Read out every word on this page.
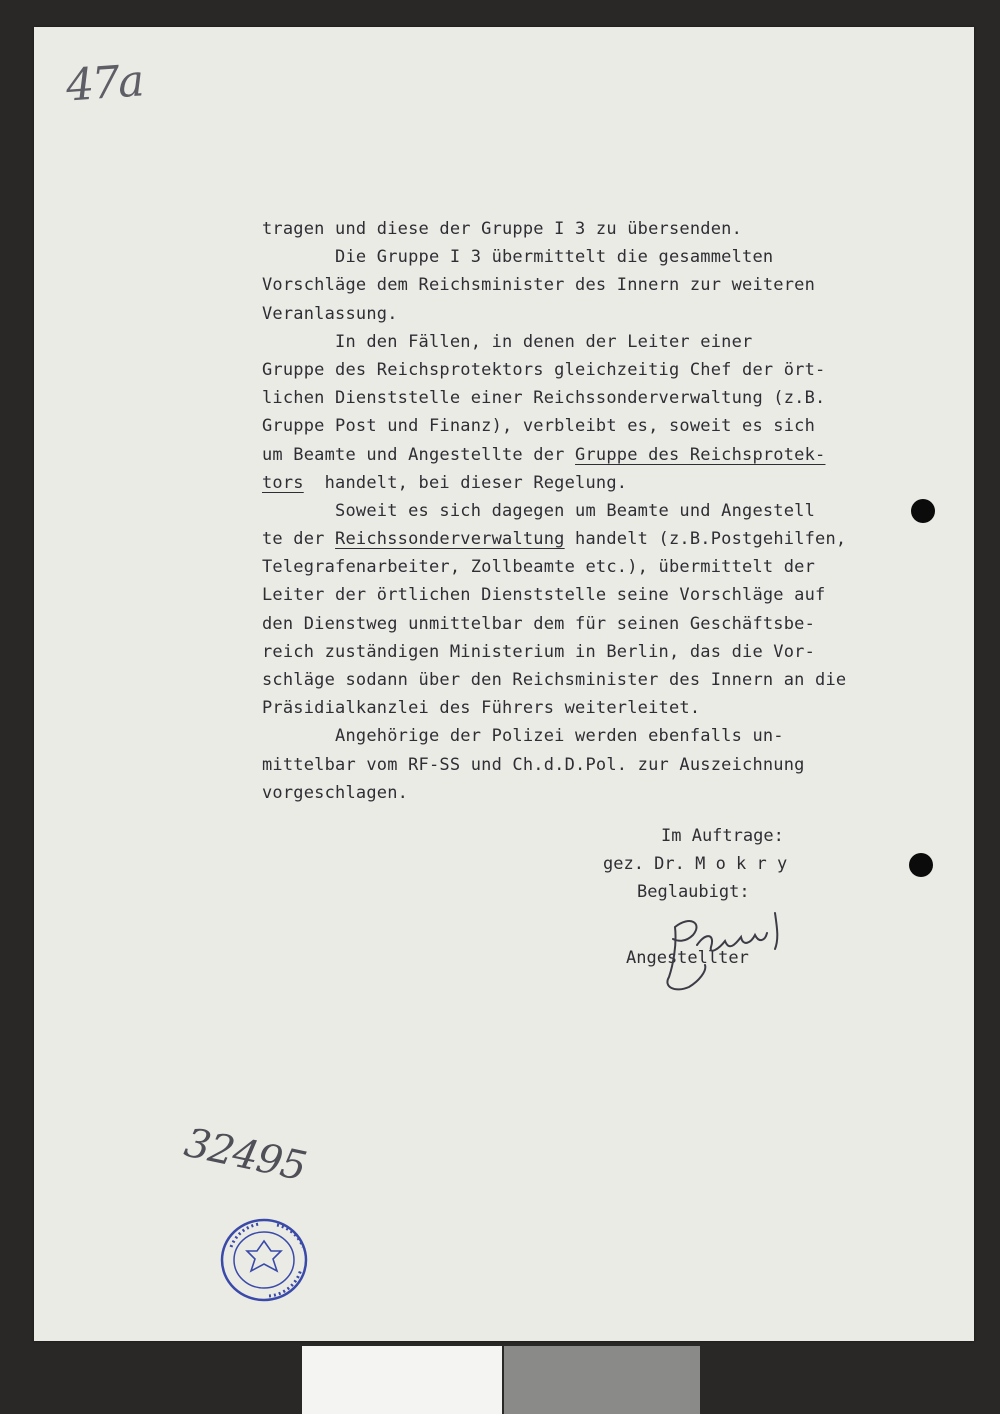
47a
tragen und diese der Gruppe I 3 zu übersenden.
Die Gruppe I 3 übermittelt die gesammelten
Vorschläge dem Reichsminister des Innern zur weiteren
Veranlassung.
In den Fällen, in denen der Leiter einer
Gruppe des Reichsprotektors gleichzeitig Chef der ört-
lichen Dienststelle einer Reichssonderverwaltung (z.B.
Gruppe Post und Finanz), verbleibt es, soweit es sich
um Beamte und Angestellte der Gruppe des Reichsprotek-
tors  handelt, bei dieser Regelung.
Soweit es sich dagegen um Beamte und Angestell
te der Reichssonderverwaltung handelt (z.B.Postgehilfen,
Telegrafenarbeiter, Zollbeamte etc.), übermittelt der
Leiter der örtlichen Dienststelle seine Vorschläge auf
den Dienstweg unmittelbar dem für seinen Geschäftsbe-
reich zuständigen Ministerium in Berlin, das die Vor-
schläge sodann über den Reichsminister des Innern an die
Präsidialkanzlei des Führers weiterleitet.
Angehörige der Polizei werden ebenfalls un-
mittelbar vom RF-SS und Ch.d.D.Pol. zur Auszeichnung
vorgeschlagen.
Im Auftrage:
gez. Dr. M o k r y
Beglaubigt:
Angestellter
32495
